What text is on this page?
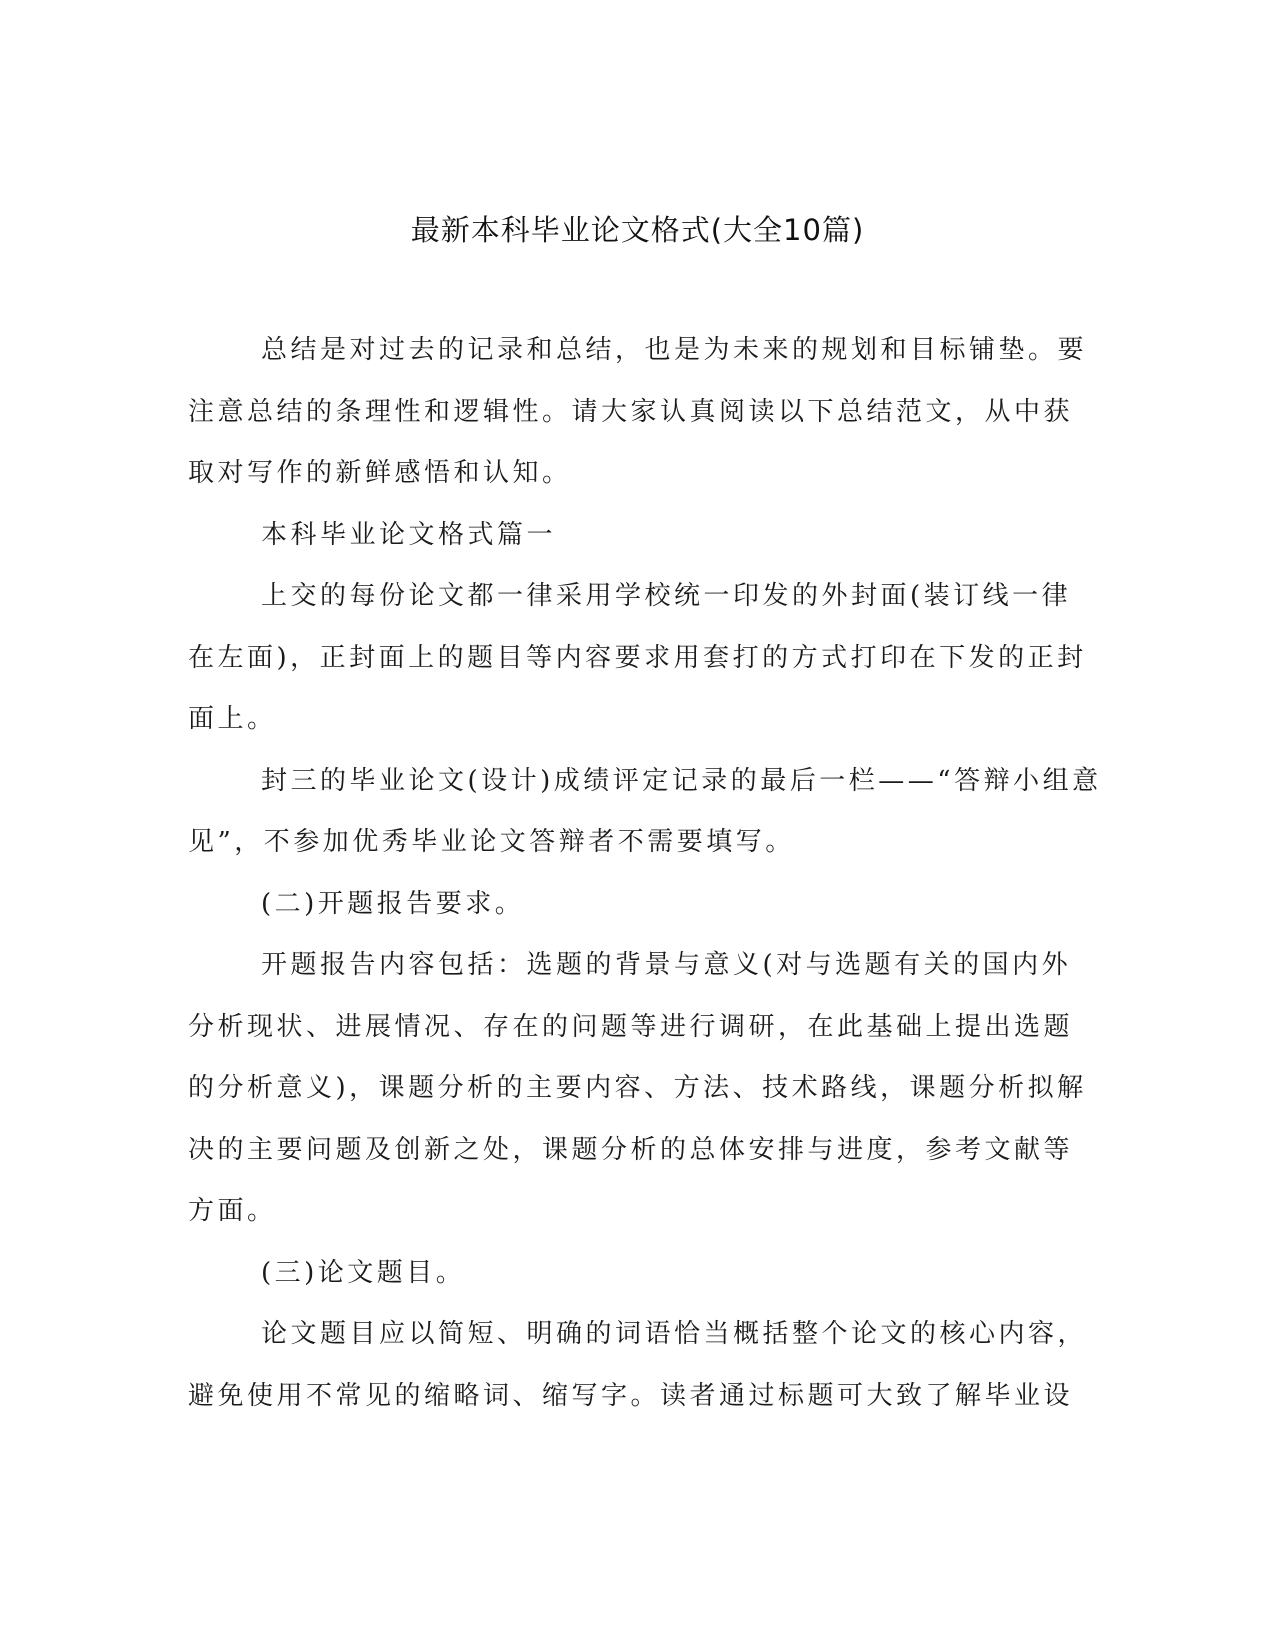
最新本科毕业论文格式(大全10篇)
总结是对过去的记录和总结，也是为未来的规划和目标铺垫。要
注意总结的条理性和逻辑性。请大家认真阅读以下总结范文，从中获
取对写作的新鲜感悟和认知。
本科毕业论文格式篇一
上交的每份论文都一律采用学校统一印发的外封面(装订线一律
在左面)，正封面上的题目等内容要求用套打的方式打印在下发的正封
面上。
封三的毕业论文(设计)成绩评定记录的最后一栏——“答辩小组意
见”，不参加优秀毕业论文答辩者不需要填写。
(二)开题报告要求。
开题报告内容包括：选题的背景与意义(对与选题有关的国内外
分析现状、进展情况、存在的问题等进行调研，在此基础上提出选题
的分析意义)，课题分析的主要内容、方法、技术路线，课题分析拟解
决的主要问题及创新之处，课题分析的总体安排与进度，参考文献等
方面。
(三)论文题目。
论文题目应以简短、明确的词语恰当概括整个论文的核心内容，
避免使用不常见的缩略词、缩写字。读者通过标题可大致了解毕业设
